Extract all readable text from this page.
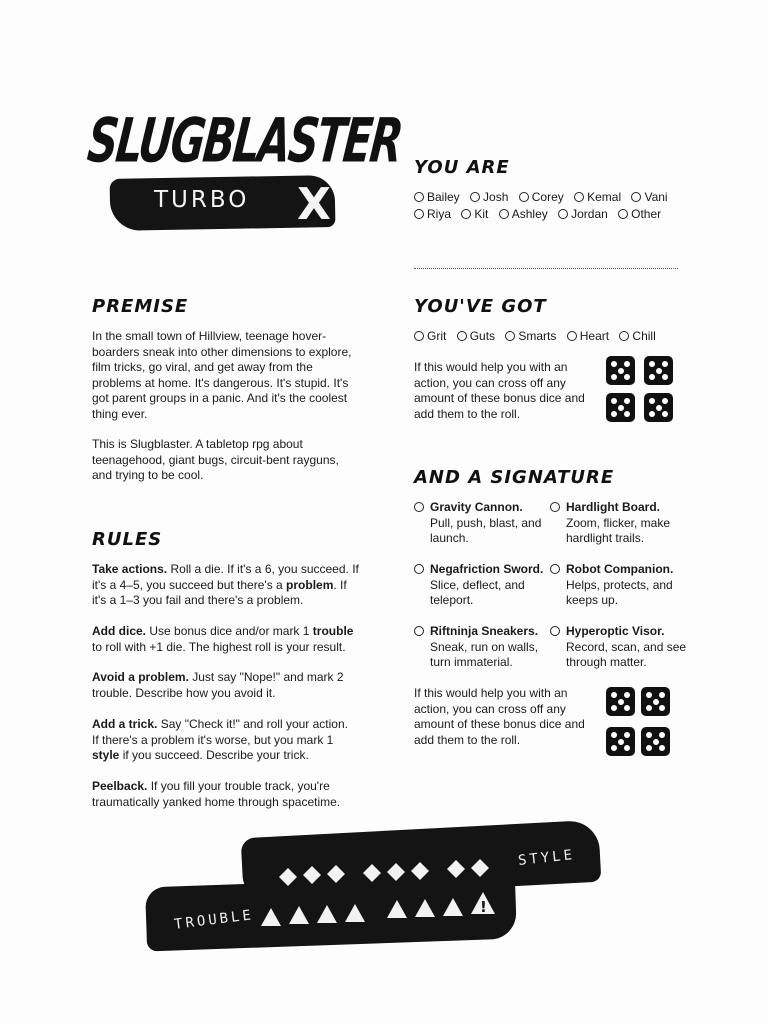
SLUGBLASTER
TURBO X
PREMISE
In the small town of Hillview, teenage hover-boarders sneak into other dimensions to explore, film tricks, go viral, and get away from the problems at home. It's dangerous. It's stupid. It's got parent groups in a panic. And it's the coolest thing ever.
This is Slugblaster. A tabletop rpg about teenagehood, giant bugs, circuit-bent rayguns, and trying to be cool.
RULES
Take actions. Roll a die. If it's a 6, you succeed. If it's a 4–5, you succeed but there's a problem. If it's a 1–3 you fail and there's a problem.
Add dice. Use bonus dice and/or mark 1 trouble to roll with +1 die. The highest roll is your result.
Avoid a problem. Just say "Nope!" and mark 2 trouble. Describe how you avoid it.
Add a trick. Say "Check it!" and roll your action. If there's a problem it's worse, but you mark 1 style if you succeed. Describe your trick.
Peelback. If you fill your trouble track, you're traumatically yanked home through spacetime.
YOU ARE
Bailey Josh Corey Kemal Vani
Riya Kit Ashley Jordan Other
YOU'VE GOT
Grit Guts Smarts Heart Chill
If this would help you with an action, you can cross off any amount of these bonus dice and add them to the roll.
AND A SIGNATURE
Gravity Cannon.
Pull, push, blast, and launch.
Hardlight Board.
Zoom, flicker, make hardlight trails.
Negafriction Sword.
Slice, deflect, and teleport.
Robot Companion.
Helps, protects, and keeps up.
Riftninja Sneakers.
Sneak, run on walls, turn immaterial.
Hyperoptic Visor.
Record, scan, and see through matter.
If this would help you with an action, you can cross off any amount of these bonus dice and add them to the roll.
STYLE
TROUBLE
!
